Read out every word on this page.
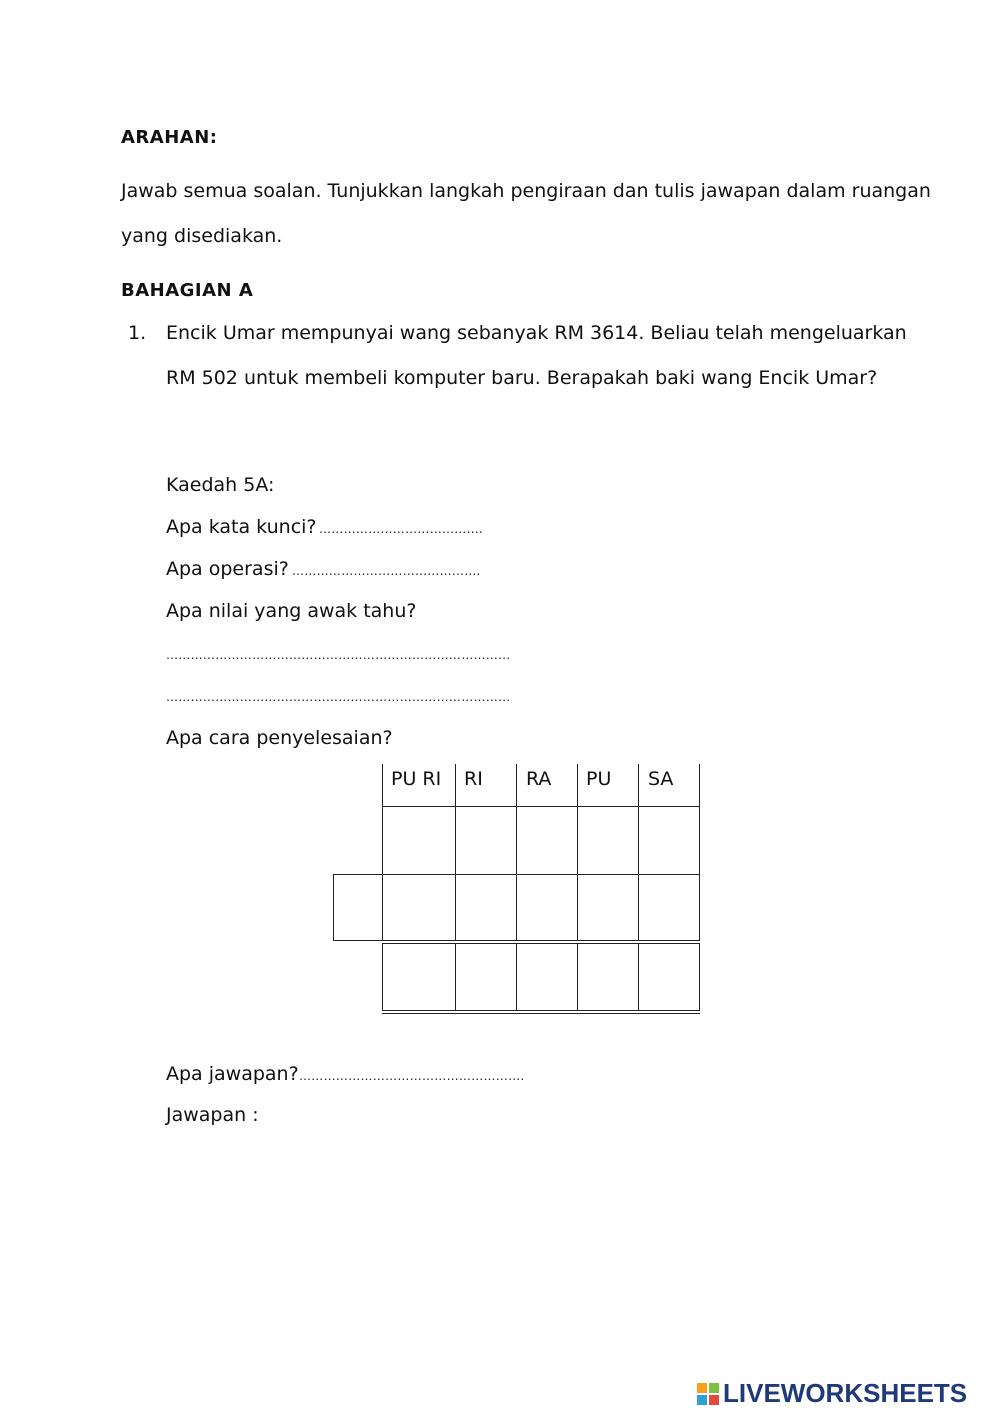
ARAHAN:
Jawab semua soalan. Tunjukkan langkah pengiraan dan tulis jawapan dalam ruangan
yang disediakan.
BAHAGIAN A
1. Encik Umar mempunyai wang sebanyak RM 3614. Beliau telah mengeluarkan
RM 502 untuk membeli komputer baru. Berapakah baki wang Encik Umar?
Kaedah 5A:
Apa kata kunci? ………………………………….
Apa operasi? ……………………………………….
Apa nilai yang awak tahu?
…………………………………………………………………………
…………………………………………………………………………
Apa cara penyelesaian?
PU RI RI RA PU SA
Apa jawapan? ……………………………………………….
Jawapan :
LIVEWORKSHEETS
